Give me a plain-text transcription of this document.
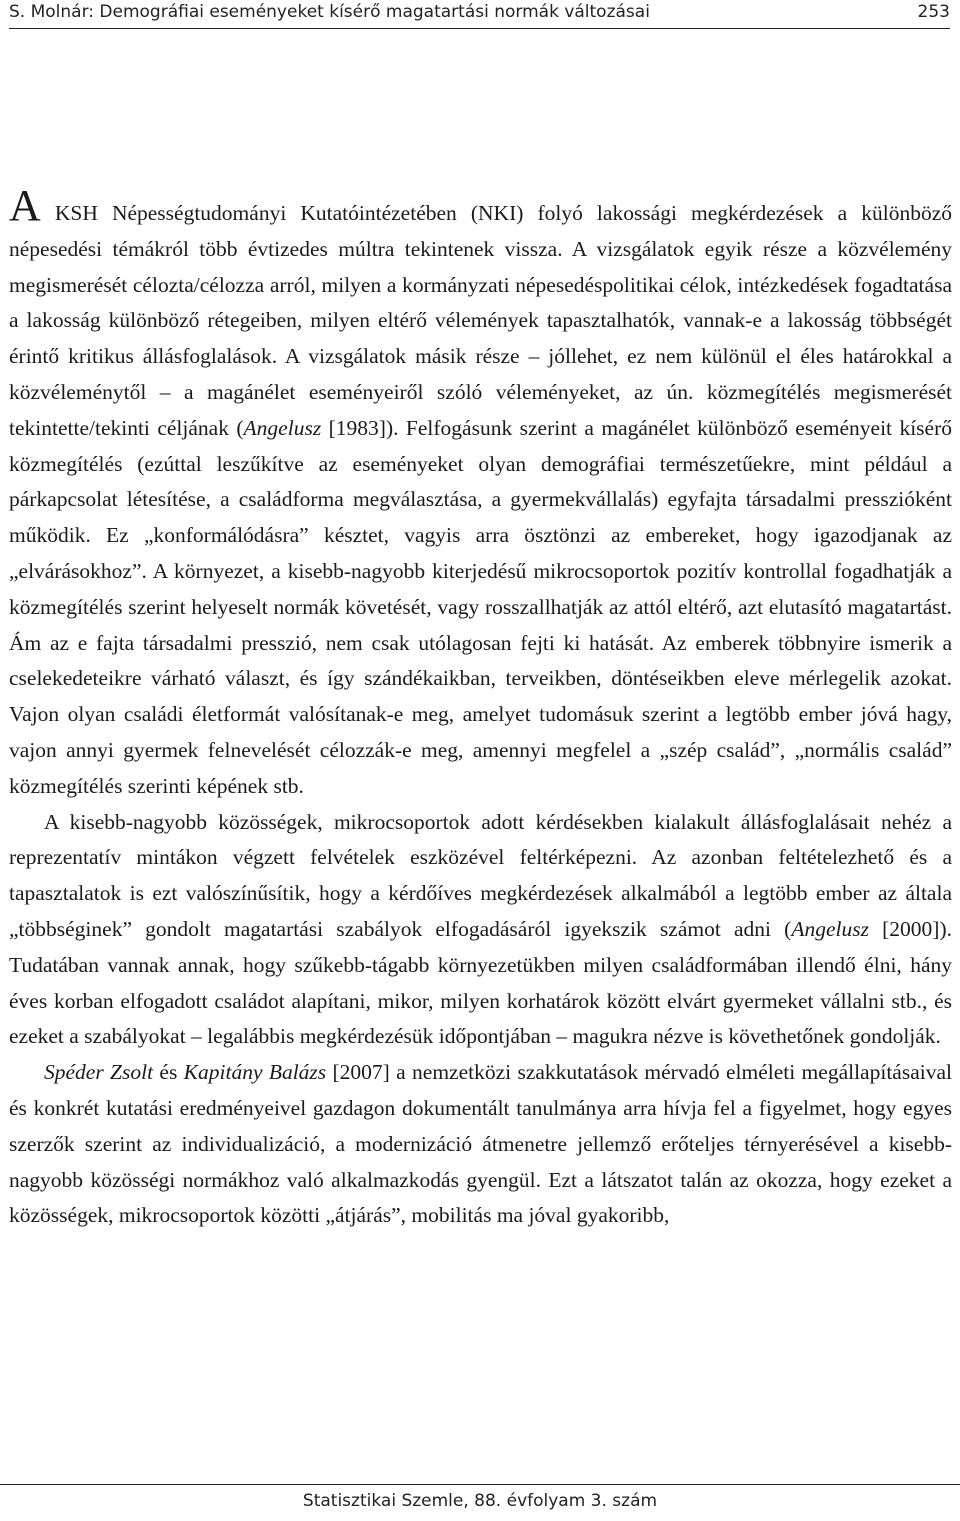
S. Molnár: Demográfiai eseményeket kísérő magatartási normák változásai	253

A KSH Népességtudományi Kutatóintézetében (NKI) folyó lakossági megkérdezések a különböző népesedési témákról több évtizedes múltra tekintenek vissza. A vizsgálatok egyik része a közvélemény megismerését célozta/célozza arról, milyen a kormányzati népesedéspolitikai célok, intézkedések fogadtatása a lakosság különböző rétegeiben, milyen eltérő vélemények tapasztalhatók, vannak-e a lakosság többségét érintő kritikus állásfoglalások. A vizsgálatok másik része – jóllehet, ez nem különül el éles határokkal a közvéleménytől – a magánélet eseményeiről szóló véleményeket, az ún. közmegítélés megismerését tekintette/tekinti céljának (Angelusz [1983]). Felfogásunk szerint a magánélet különböző eseményeit kísérő közmegítélés (ezúttal leszűkítve az eseményeket olyan demográfiai természetűekre, mint például a párkapcsolat létesítése, a családforma megválasztása, a gyermekvállalás) egyfajta társadalmi presszióként működik. Ez „konformálódásra” késztet, vagyis arra ösztönzi az embereket, hogy igazodjanak az „elvárásokhoz”. A környezet, a kisebb-nagyobb kiterjedésű mikrocsoportok pozitív kontrollal fogadhatják a közmegítélés szerint helyeselt normák követését, vagy rosszallhatják az attól eltérő, azt elutasító magatartást. Ám az e fajta társadalmi presszió, nem csak utólagosan fejti ki hatását. Az emberek többnyire ismerik a cselekedeteikre várható választ, és így szándékaikban, terveikben, döntéseikben eleve mérlegelik azokat. Vajon olyan családi életformát valósítanak-e meg, amelyet tudomásuk szerint a legtöbb ember jóvá hagy, vajon annyi gyermek felnevelését célozzák-e meg, amennyi megfelel a „szép család”, „normális család” közmegítélés szerinti képének stb.

A kisebb-nagyobb közösségek, mikrocsoportok adott kérdésekben kialakult állásfoglalásait nehéz a reprezentatív mintákon végzett felvételek eszközével feltérképezni. Az azonban feltételezhető és a tapasztalatok is ezt valószínűsítik, hogy a kérdőíves megkérdezések alkalmából a legtöbb ember az általa „többséginek” gondolt magatartási szabályok elfogadásáról igyekszik számot adni (Angelusz [2000]). Tudatában vannak annak, hogy szűkebb-tágabb környezetükben milyen családformában illendő élni, hány éves korban elfogadott családot alapítani, mikor, milyen korhatárok között elvárt gyermeket vállalni stb., és ezeket a szabályokat – legalábbis megkérdezésük időpontjában – magukra nézve is követhetőnek gondolják.

Spéder Zsolt és Kapitány Balázs [2007] a nemzetközi szakkutatások mérvadó elméleti megállapításaival és konkrét kutatási eredményeivel gazdagon dokumentált tanulmánya arra hívja fel a figyelmet, hogy egyes szerzők szerint az individualizáció, a modernizáció átmenetre jellemző erőteljes térnyerésével a kisebb-nagyobb közösségi normákhoz való alkalmazkodás gyengül. Ezt a látszatot talán az okozza, hogy ezeket a közösségek, mikrocsoportok közötti „átjárás”, mobilitás ma jóval gyakoribb,

Statisztikai Szemle, 88. évfolyam 3. szám
